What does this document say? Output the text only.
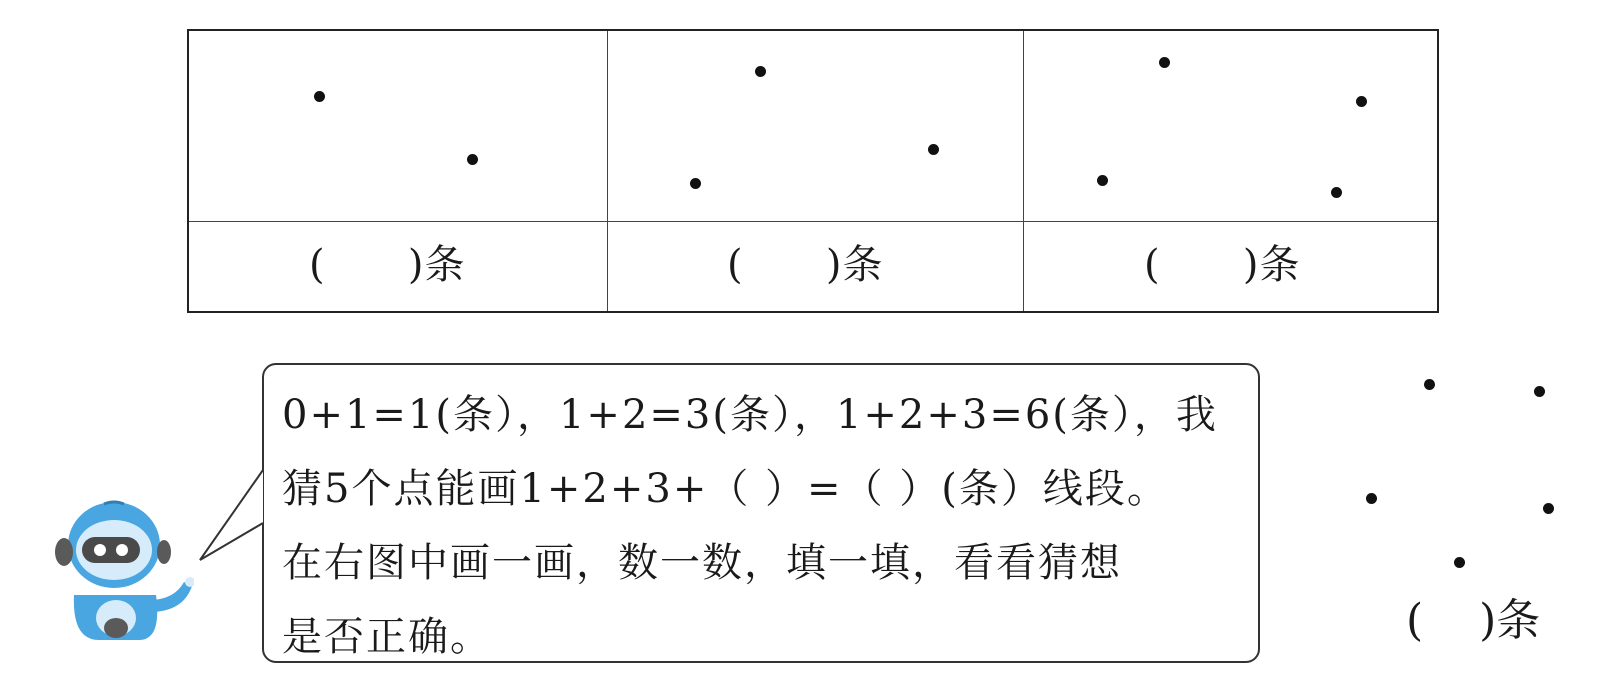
(      )条	(      )条	(      )条

0+1=1(条），1+2=3(条），1+2+3=6(条），我

猜5个点能画1+2+3+（ ）=（ ）(条）线段。

在右图中画一画，数一数，填一填，看看猜想

是否正确。	(    )条
